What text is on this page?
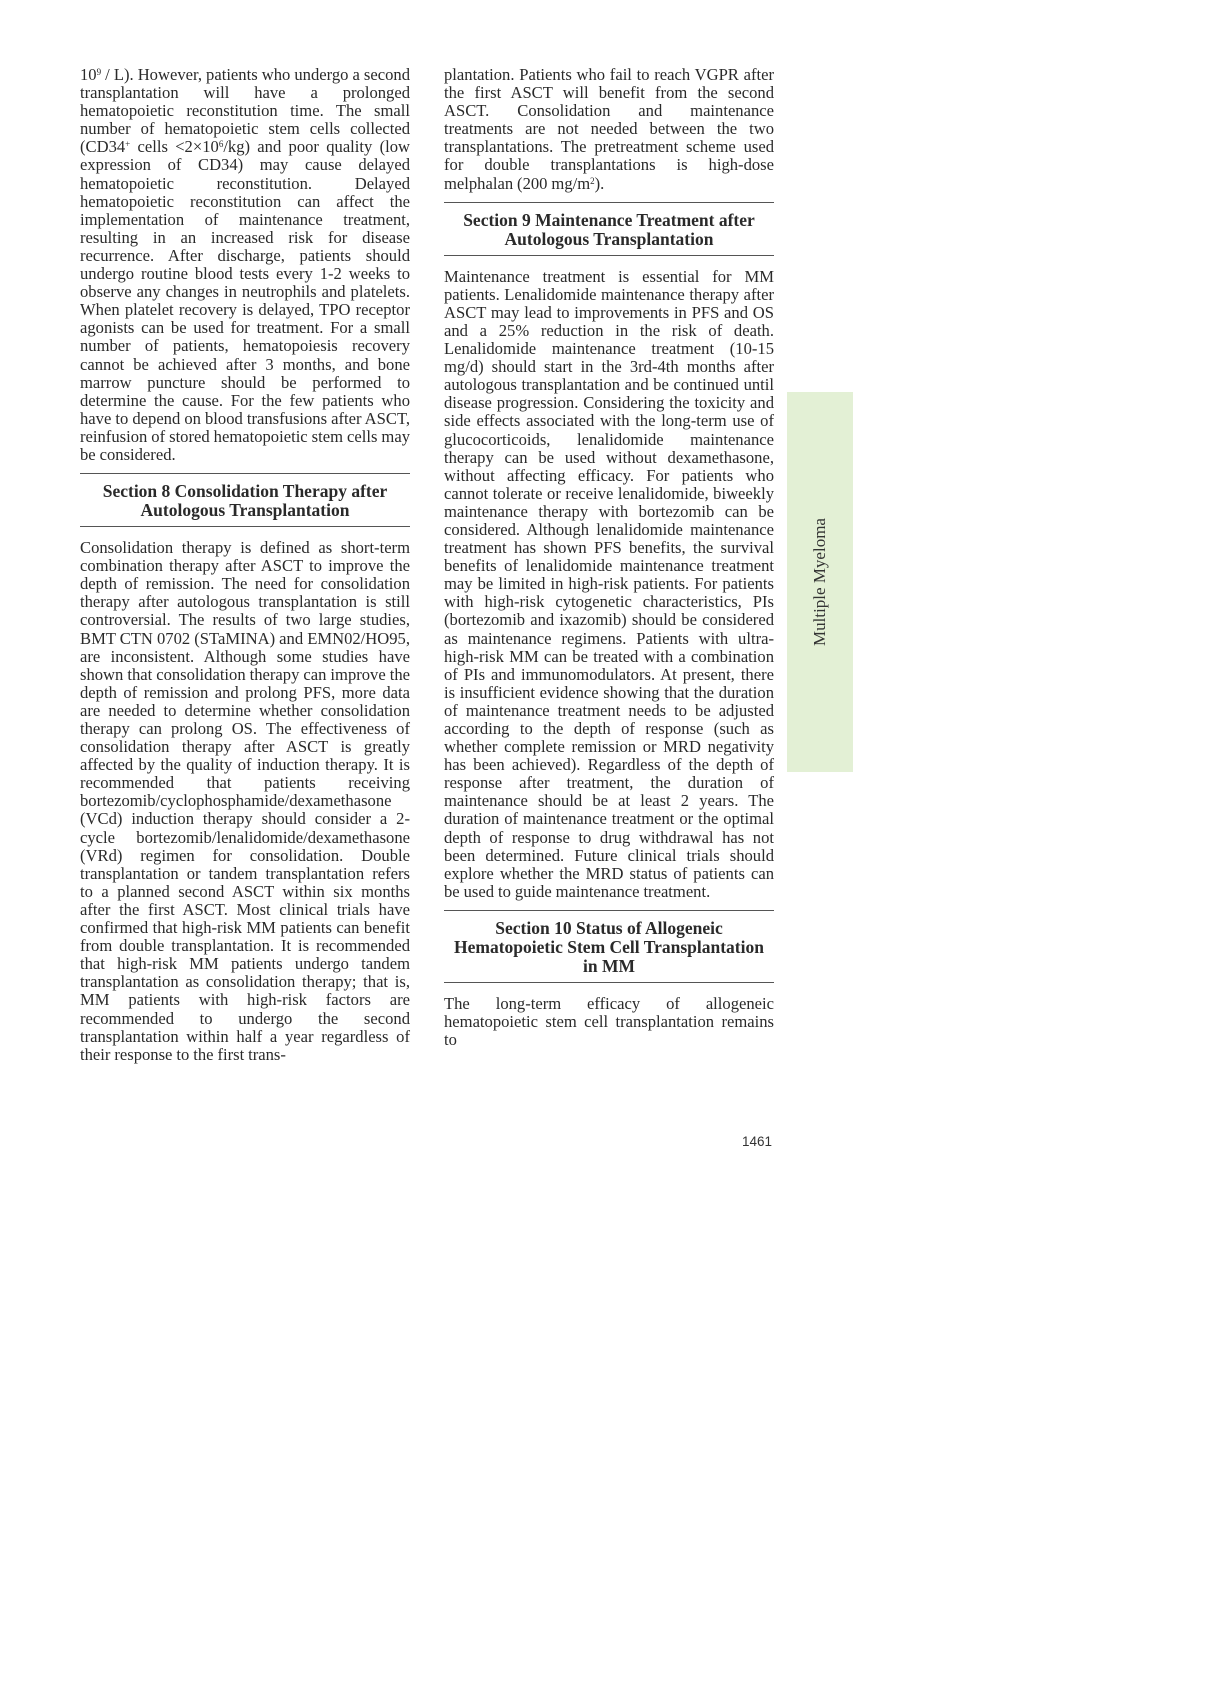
$10^9 / L$). However, patients who undergo a second transplantation will have a prolonged hematopoietic reconstitution time. The small number of hematopoietic stem cells collected (CD34+ cells $<2\times 10^6/kg$) and poor quality (low expression of CD34) may cause delayed hematopoietic reconstitution. Delayed hematopoietic reconstitution can affect the implementation of maintenance treatment, resulting in an increased risk for disease recurrence. After discharge, patients should undergo routine blood tests every 1-2 weeks to observe any changes in neutrophils and platelets. When platelet recovery is delayed, TPO receptor agonists can be used for treatment. For a small number of patients, hematopoiesis recovery cannot be achieved after 3 months, and bone marrow puncture should be performed to determine the cause. For the few patients who have to depend on blood transfusions after ASCT, reinfusion of stored hematopoietic stem cells may be considered.

Section 8 Consolidation Therapy after
Autologous Transplantation

Consolidation therapy is defined as short-term combination therapy after ASCT to improve the depth of remission. The need for consolidation therapy after autologous transplantation is still controversial. The results of two large studies, BMT CTN 0702 (STaMINA) and EMN02/HO95, are inconsistent. Although some studies have shown that consolidation therapy can improve the depth of remission and prolong PFS, more data are needed to determine whether consolidation therapy can prolong OS. The effectiveness of consolidation therapy after ASCT is greatly affected by the quality of induction therapy. It is recommended that patients receiving bortezomib/cyclophosphamide/dexamethasone (VCd) induction therapy should consider a 2-cycle bortezomib/lenalidomide/dexamethasone (VRd) regimen for consolidation. Double transplantation or tandem transplantation refers to a planned second ASCT within six months after the first ASCT. Most clinical trials have confirmed that high-risk MM patients can benefit from double transplantation. It is recommended that high-risk MM patients undergo tandem transplantation as consolidation therapy; that is, MM patients with high-risk factors are recommended to undergo the second transplantation within half a year regardless of their response to the first trans-

plantation. Patients who fail to reach VGPR after the first ASCT will benefit from the second ASCT. Consolidation and maintenance treatments are not needed between the two transplantations. The pretreatment scheme used for double transplantations is high-dose melphalan (200 $mg/m^2$).

Section 9 Maintenance Treatment after
Autologous Transplantation

Maintenance treatment is essential for MM patients. Lenalidomide maintenance therapy after ASCT may lead to improvements in PFS and OS and a 25% reduction in the risk of death. Lenalidomide maintenance treatment (10-15 mg/d) should start in the 3rd-4th months after autologous transplantation and be continued until disease progression. Considering the toxicity and side effects associated with the long-term use of glucocorticoids, lenalidomide maintenance therapy can be used without dexamethasone, without affecting efficacy. For patients who cannot tolerate or receive lenalidomide, biweekly maintenance therapy with bortezomib can be considered. Although lenalidomide maintenance treatment has shown PFS benefits, the survival benefits of lenalidomide maintenance treatment may be limited in high-risk patients. For patients with high-risk cytogenetic characteristics, PIs (bortezomib and ixazomib) should be considered as maintenance regimens. Patients with ultra-high-risk MM can be treated with a combination of PIs and immunomodulators. At present, there is insufficient evidence showing that the duration of maintenance treatment needs to be adjusted according to the depth of response (such as whether complete remission or MRD negativity has been achieved). Regardless of the depth of response after treatment, the duration of maintenance should be at least 2 years. The duration of maintenance treatment or the optimal depth of response to drug withdrawal has not been determined. Future clinical trials should explore whether the MRD status of patients can be used to guide maintenance treatment.

Section 10 Status of Allogeneic
Hematopoietic Stem Cell Transplantation
in MM

The long-term efficacy of allogeneic hematopoietic stem cell transplantation remains to

Multiple Myeloma
1461
